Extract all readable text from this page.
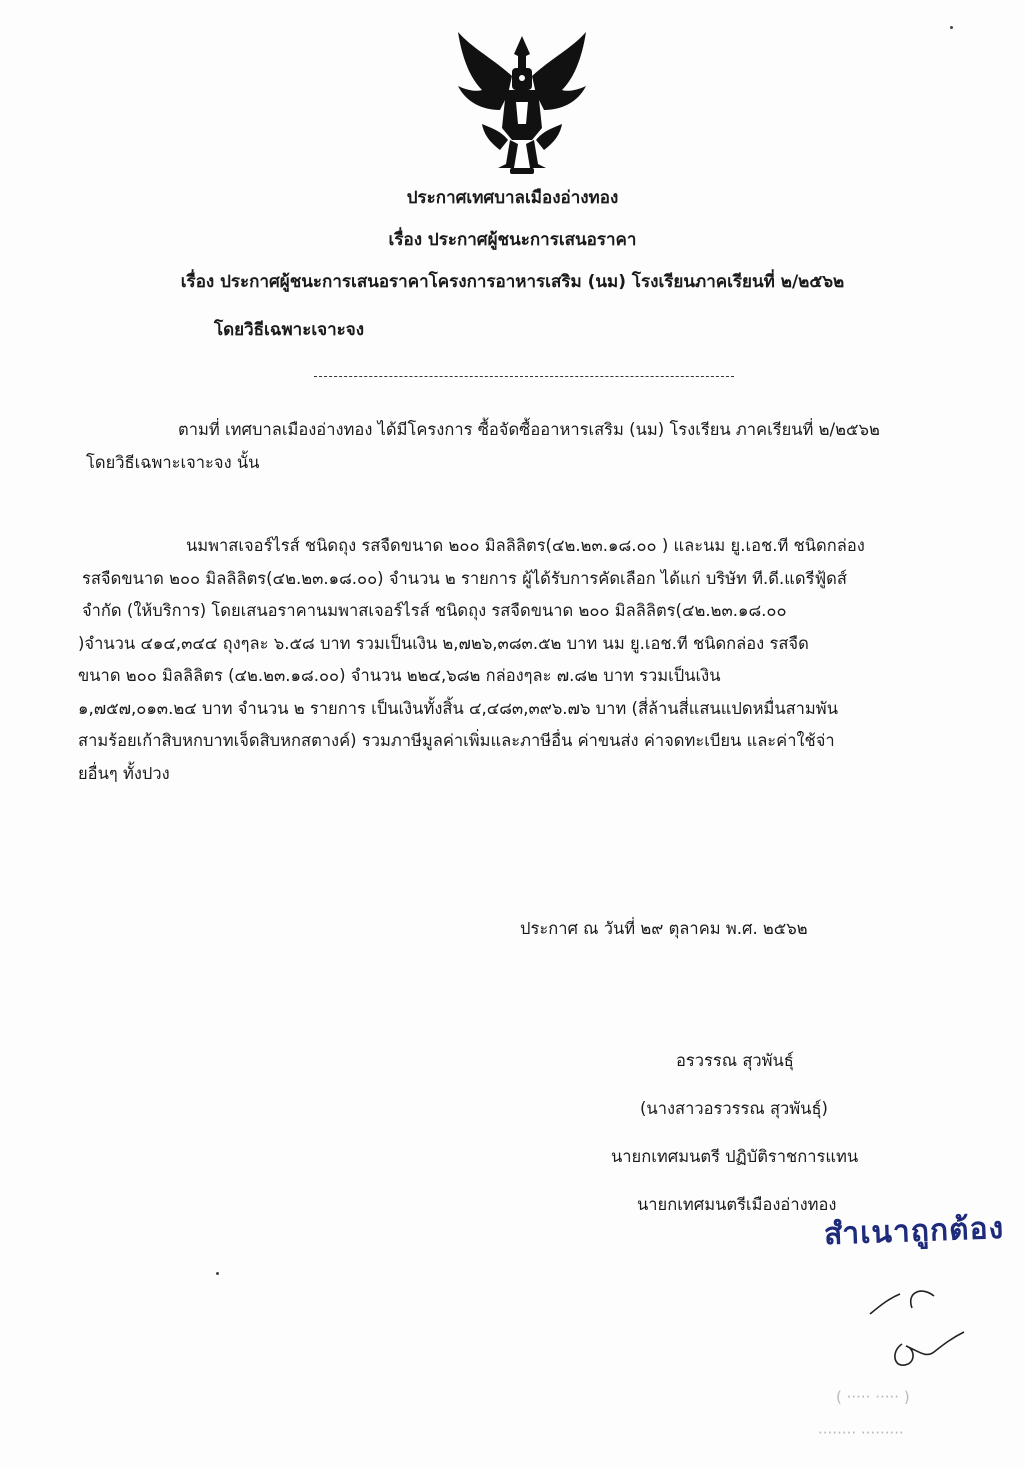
ประกาศเทศบาลเมืองอ่างทอง
เรื่อง ประกาศผู้ชนะการเสนอราคา
เรื่อง ประกาศผู้ชนะการเสนอราคาโครงการอาหารเสริม (นม) โรงเรียนภาคเรียนที่ ๒/๒๕๖๒
โดยวิธีเฉพาะเจาะจง
ตามที่ เทศบาลเมืองอ่างทอง ได้มีโครงการ ซื้อจัดซื้ออาหารเสริม (นม) โรงเรียน ภาคเรียนที่ ๒/๒๕๖๒
โดยวิธีเฉพาะเจาะจง นั้น
นมพาสเจอร์ไรส์ ชนิดถุง รสจืดขนาด ๒๐๐ มิลลิลิตร(๔๒.๒๓.๑๘.๐๐ ) และนม ยู.เอช.ที ชนิดกล่อง
รสจืดขนาด ๒๐๐ มิลลิลิตร(๔๒.๒๓.๑๘.๐๐) จำนวน ๒ รายการ ผู้ได้รับการคัดเลือก ได้แก่ บริษัท ที.ดี.แดรีฟู้ดส์
จำกัด (ให้บริการ) โดยเสนอราคานมพาสเจอร์ไรส์ ชนิดถุง รสจืดขนาด ๒๐๐ มิลลิลิตร(๔๒.๒๓.๑๘.๐๐
)จำนวน ๔๑๔,๓๔๔ ถุงๆละ ๖.๕๘ บาท รวมเป็นเงิน ๒,๗๒๖,๓๘๓.๕๒ บาท นม ยู.เอช.ที ชนิดกล่อง รสจืด
ขนาด ๒๐๐ มิลลิลิตร (๔๒.๒๓.๑๘.๐๐) จำนวน ๒๒๔,๖๘๒ กล่องๆละ ๗.๘๒ บาท รวมเป็นเงิน
๑,๗๕๗,๐๑๓.๒๔ บาท จำนวน ๒ รายการ เป็นเงินทั้งสิ้น ๔,๔๘๓,๓๙๖.๗๖ บาท (สี่ล้านสี่แสนแปดหมื่นสามพัน
สามร้อยเก้าสิบหกบาทเจ็ดสิบหกสตางค์) รวมภาษีมูลค่าเพิ่มและภาษีอื่น ค่าขนส่ง ค่าจดทะเบียน และค่าใช้จ่า
ยอื่นๆ ทั้งปวง
ประกาศ ณ วันที่ ๒๙ ตุลาคม พ.ศ. ๒๕๖๒
อรวรรณ สุวพันธุ์
(นางสาวอรวรรณ สุวพันธุ์)
นายกเทศมนตรี ปฏิบัติราชการแทน
นายกเทศมนตรีเมืองอ่างทอง
สำเนาถูกต้อง
( ····· ····· )
········ ·········
